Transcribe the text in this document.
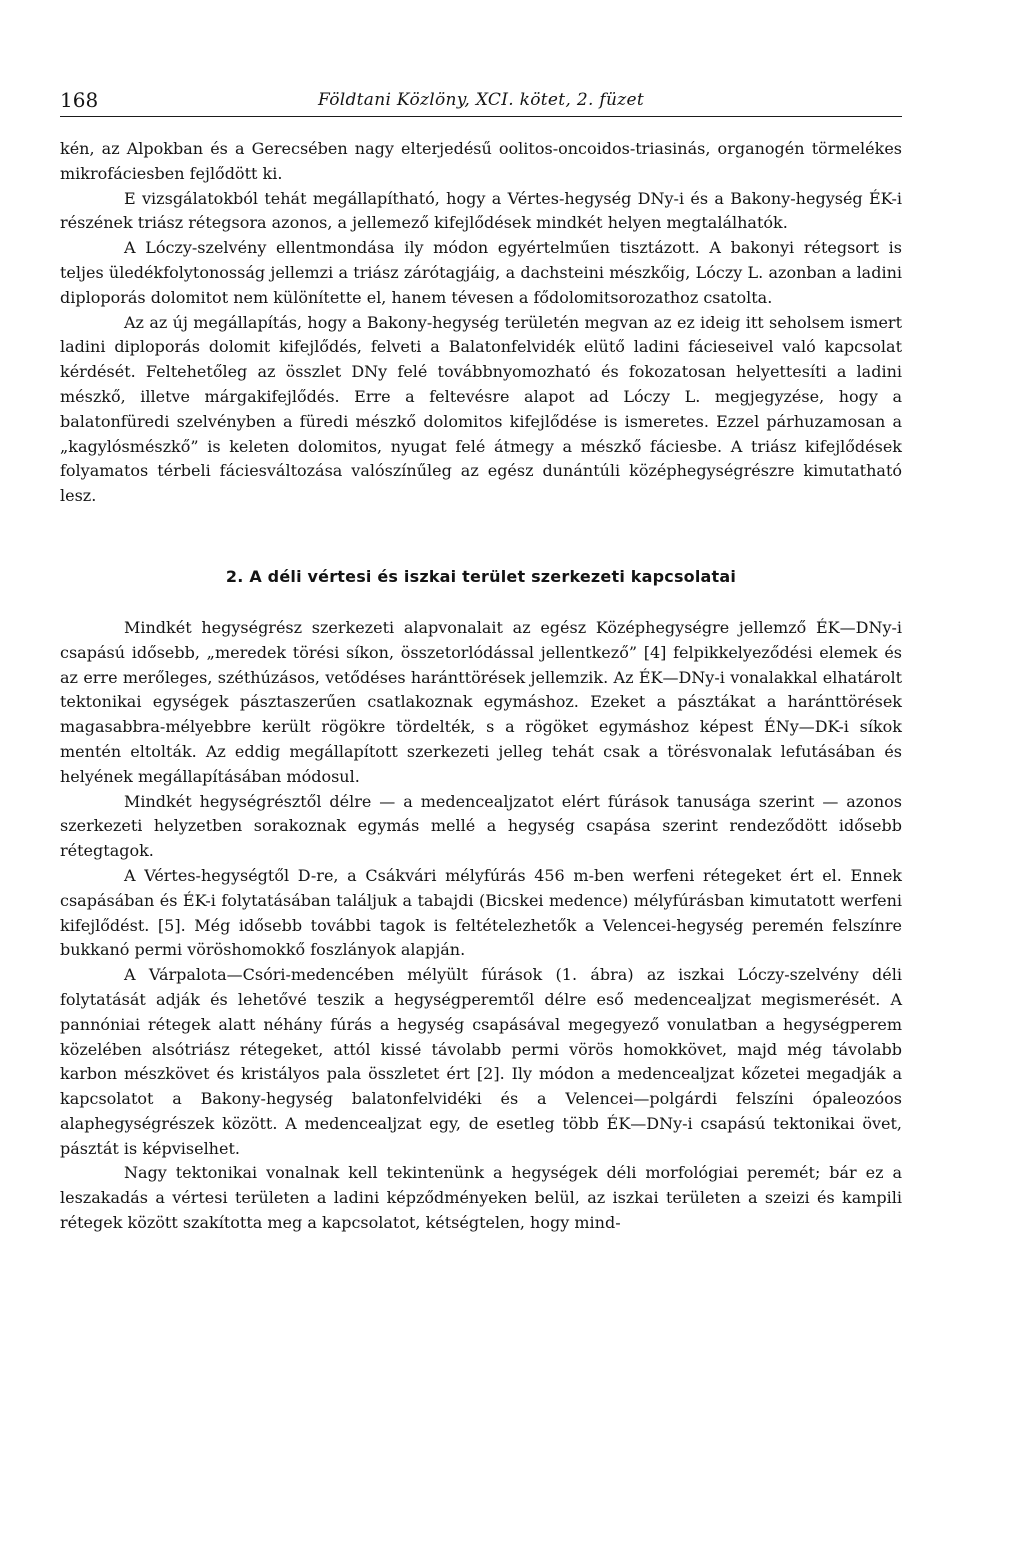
168	Földtani Közlöny, XCI. kötet, 2. füzet

kén, az Alpokban és a Gerecsében nagy elterjedésű oolitos-oncoidos-triasinás, organogén törmelékes mikrofáciesben fejlődött ki.

E vizsgálatokból tehát megállapítható, hogy a Vértes-hegység DNy-i és a Bakony-hegység ÉK-i részének triász rétegsora azonos, a jellemező kifejlődések mindkét helyen megtalálhatók.

A Lóczy-szelvény ellentmondása ily módon egyértelműen tisztázott. A bakonyi rétegsort is teljes üledékfolytonosság jellemzi a triász zárótagjáig, a dachsteini mészkőig, Lóczy L. azonban a ladini diploporás dolomitot nem különítette el, hanem tévesen a fődolomitsorozathoz csatolta.

Az az új megállapítás, hogy a Bakony-hegység területén megvan az ez ideig itt seholsem ismert ladini diploporás dolomit kifejlődés, felveti a Balatonfelvidék elütő ladini fácieseivel való kapcsolat kérdését. Feltehetőleg az összlet DNy felé továbbnyomozható és fokozatosan helyettesíti a ladini mészkő, illetve márgakifejlődés. Erre a feltevésre alapot ad Lóczy L. megjegyzése, hogy a balatonfüredi szelvényben a füredi mészkő dolomitos kifejlődése is ismeretes. Ezzel párhuzamosan a „kagylósmészkő” is keleten dolomitos, nyugat felé átmegy a mészkő fáciesbe. A triász kifejlődések folyamatos térbeli fáciesváltozása valószínűleg az egész dunántúli középhegységrészre kimutatható lesz.

2. A déli vértesi és iszkai terület szerkezeti kapcsolatai

Mindkét hegységrész szerkezeti alapvonalait az egész Középhegységre jellemző ÉK—DNy-i csapású idősebb, „meredek törési síkon, összetorlódással jellentkező” [4] felpikkelyeződési elemek és az erre merőleges, széthúzásos, vetődéses haránttörések jellemzik. Az ÉK—DNy-i vonalakkal elhatárolt tektonikai egységek pásztaszerűen csatlakoznak egymáshoz. Ezeket a pásztákat a haránttörések magasabbra-mélyebbre került rögökre tördelték, s a rögöket egymáshoz képest ÉNy—DK-i síkok mentén eltolták. Az eddig megállapított szerkezeti jelleg tehát csak a törésvonalak lefutásában és helyének megállapításában módosul.

Mindkét hegységrésztől délre — a medencealjzatot elért fúrások tanusága szerint — azonos szerkezeti helyzetben sorakoznak egymás mellé a hegység csapása szerint rendeződött idősebb rétegtagok.

A Vértes-hegységtől D-re, a Csákvári mélyfúrás 456 m-ben werfeni rétegeket ért el. Ennek csapásában és ÉK-i folytatásában találjuk a tabajdi (Bicskei medence) mélyfúrásban kimutatott werfeni kifejlődést. [5]. Még idősebb további tagok is feltételezhetők a Velencei-hegység peremén felszínre bukkanó permi vöröshomokkő foszlányok alapján.

A Várpalota—Csóri-medencében mélyült fúrások (1. ábra) az iszkai Lóczy-szelvény déli folytatását adják és lehetővé teszik a hegységperemtől délre eső medencealjzat megismerését. A pannóniai rétegek alatt néhány fúrás a hegység csapásával megegyező vonulatban a hegységperem közelében alsótriász rétegeket, attól kissé távolabb permi vörös homokkövet, majd még távolabb karbon mészkövet és kristályos pala összletet ért [2]. Ily módon a medencealjzat kőzetei megadják a kapcsolatot a Bakony-hegység balatonfelvidéki és a Velencei—polgárdi felszíni ópaleozóos alaphegységrészek között. A medencealjzat egy, de esetleg több ÉK—DNy-i csapású tektonikai övet, pásztát is képviselhet.

Nagy tektonikai vonalnak kell tekintenünk a hegységek déli morfológiai peremét; bár ez a leszakadás a vértesi területen a ladini képződményeken belül, az iszkai területen a szeizi és kampili rétegek között szakította meg a kapcsolatot, kétségtelen, hogy mind-
